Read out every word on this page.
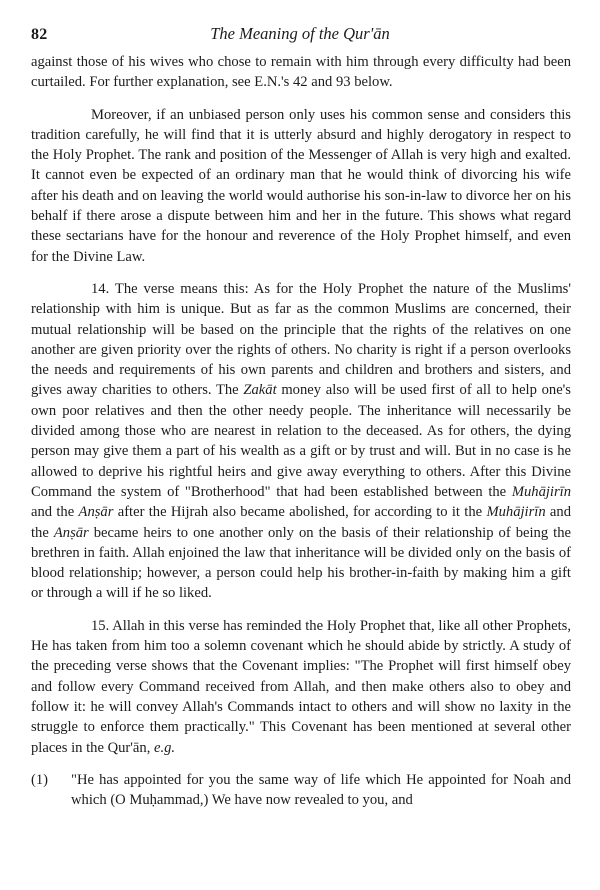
82	The Meaning of the Qur'ān

against those of his wives who chose to remain with him through every difficulty had been curtailed. For further explanation, see E.N.'s 42 and 93 below.

Moreover, if an unbiased person only uses his common sense and considers this tradition carefully, he will find that it is utterly absurd and highly derogatory in respect to the Holy Prophet. The rank and position of the Messenger of Allah is very high and exalted. It cannot even be expected of an ordinary man that he would think of divorcing his wife after his death and on leaving the world would authorise his son-in-law to divorce her on his behalf if there arose a dispute between him and her in the future. This shows what regard these sectarians have for the honour and reverence of the Holy Prophet himself, and even for the Divine Law.

14. The verse means this: As for the Holy Prophet the nature of the Muslims' relationship with him is unique. But as far as the common Muslims are concerned, their mutual relationship will be based on the principle that the rights of the relatives on one another are given priority over the rights of others. No charity is right if a person overlooks the needs and requirements of his own parents and children and brothers and sisters, and gives away charities to others. The Zakāt money also will be used first of all to help one's own poor relatives and then the other needy people. The inheritance will necessarily be divided among those who are nearest in relation to the deceased. As for others, the dying person may give them a part of his wealth as a gift or by trust and will. But in no case is he allowed to deprive his rightful heirs and give away everything to others. After this Divine Command the system of "Brotherhood" that had been established between the Muhājirīn and the Anṣār after the Hijrah also became abolished, for according to it the Muhājirīn and the Anṣār became heirs to one another only on the basis of their relationship of being the brethren in faith. Allah enjoined the law that inheritance will be divided only on the basis of blood relationship; however, a person could help his brother-in-faith by making him a gift or through a will if he so liked.

15. Allah in this verse has reminded the Holy Prophet that, like all other Prophets, He has taken from him too a solemn covenant which he should abide by strictly. A study of the preceding verse shows that the Covenant implies: "The Prophet will first himself obey and follow every Command received from Allah, and then make others also to obey and follow it: he will convey Allah's Commands intact to others and will show no laxity in the struggle to enforce them practically." This Covenant has been mentioned at several other places in the Qur'ān, e.g.

(1)	"He has appointed for you the same way of life which He appointed for Noah and which (O Muḥammad,) We have now revealed to you, and
